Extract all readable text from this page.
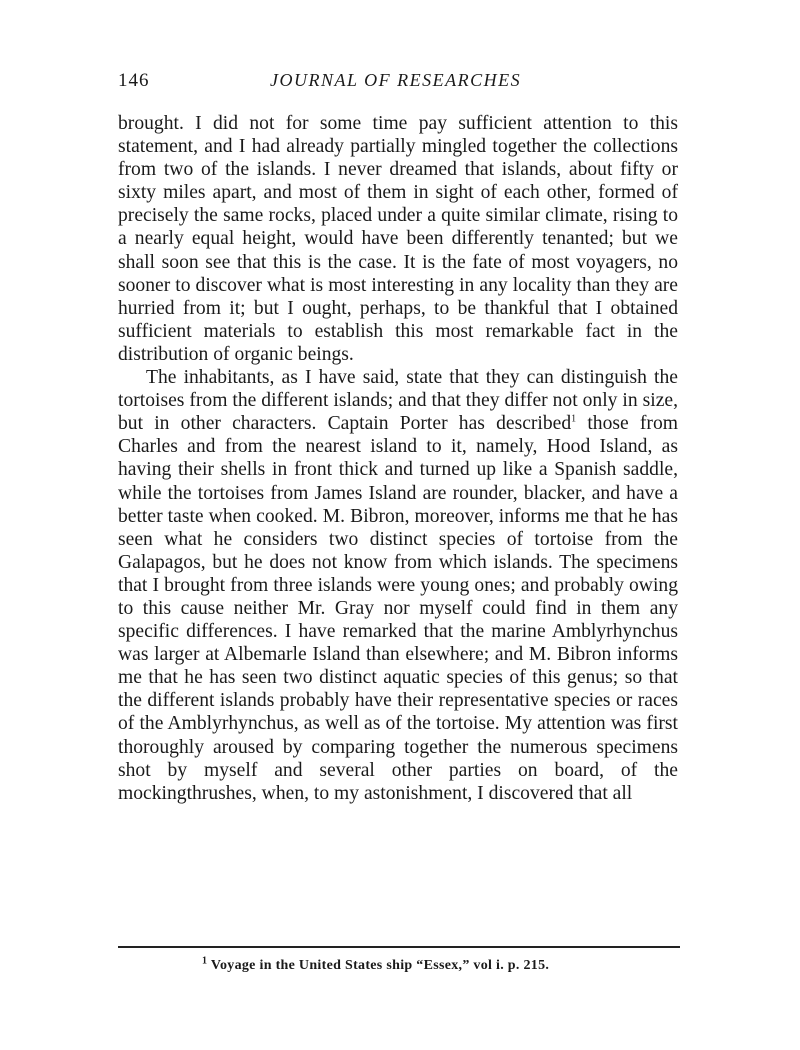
146	JOURNAL OF RESEARCHES

brought. I did not for some time pay sufficient attention to this statement, and I had already partially mingled together the collections from two of the islands. I never dreamed that islands, about fifty or sixty miles apart, and most of them in sight of each other, formed of precisely the same rocks, placed under a quite similar climate, rising to a nearly equal height, would have been differently tenanted; but we shall soon see that this is the case. It is the fate of most voyagers, no sooner to discover what is most interesting in any locality than they are hurried from it; but I ought, perhaps, to be thankful that I obtained sufficient materials to establish this most remarkable fact in the distribution of organic beings.

The inhabitants, as I have said, state that they can distinguish the tortoises from the different islands; and that they differ not only in size, but in other characters. Captain Porter has described$^1$ those from Charles and from the nearest island to it, namely, Hood Island, as having their shells in front thick and turned up like a Spanish saddle, while the tortoises from James Island are rounder, blacker, and have a better taste when cooked. M. Bibron, moreover, informs me that he has seen what he considers two distinct species of tortoise from the Galapagos, but he does not know from which islands. The specimens that I brought from three islands were young ones; and probably owing to this cause neither Mr. Gray nor myself could find in them any specific differences. I have remarked that the marine Amblyrhynchus was larger at Albemarle Island than elsewhere; and M. Bibron informs me that he has seen two distinct aquatic species of this genus; so that the different islands probably have their representative species or races of the Amblyrhynchus, as well as of the tortoise. My attention was first thoroughly aroused by comparing together the numerous specimens shot by myself and several other parties on board, of the mockingthrushes, when, to my astonishment, I discovered that all

$^1$ Voyage in the United States ship “Essex,” vol i. p. 215.
